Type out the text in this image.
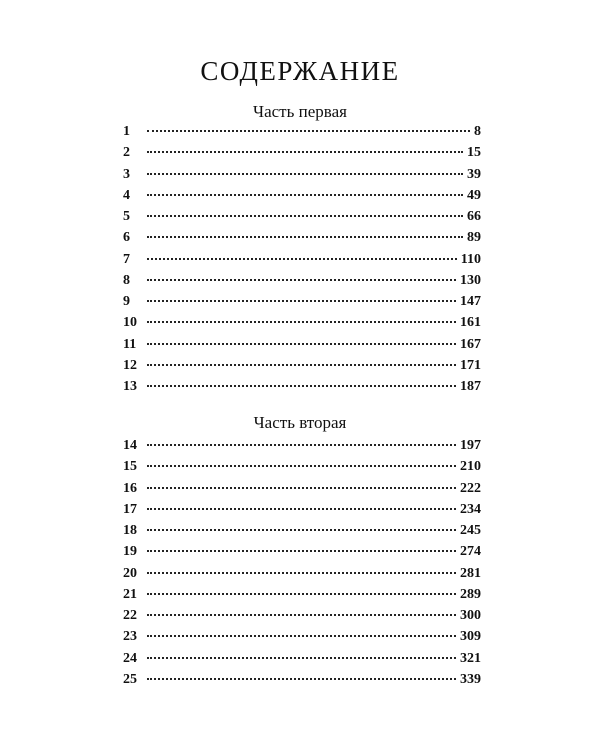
СОДЕРЖАНИЕ
Часть первая
1	8
2	15
3	39
4	49
5	66
6	89
7	110
8	130
9	147
10	161
11	167
12	171
13	187
Часть вторая
14	197
15	210
16	222
17	234
18	245
19	274
20	281
21	289
22	300
23	309
24	321
25	339
